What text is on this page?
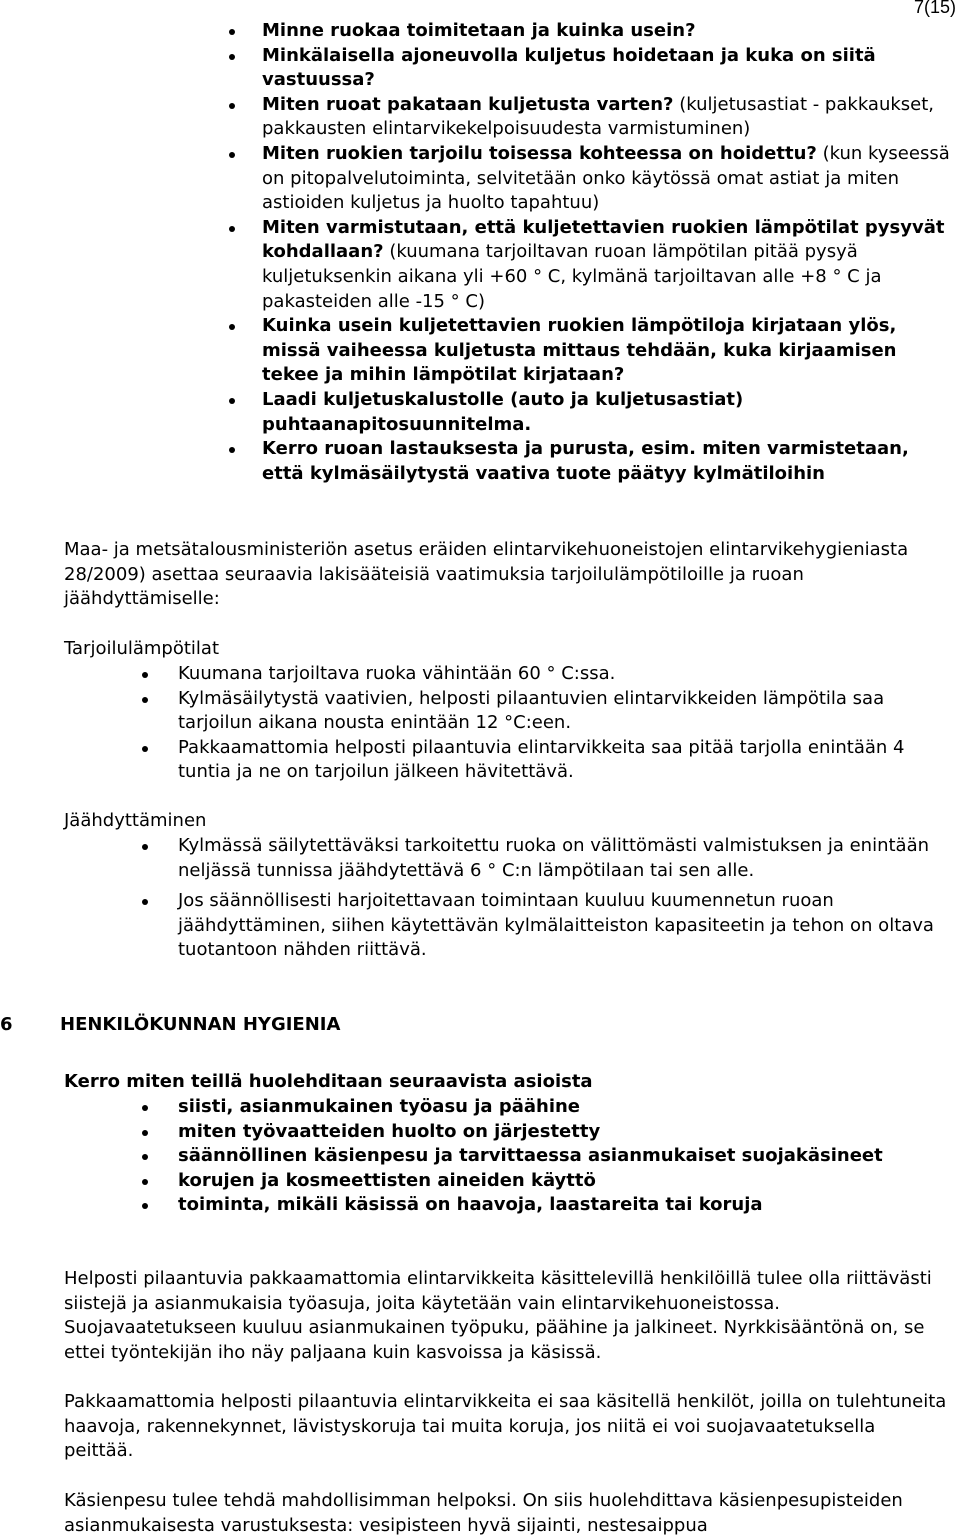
7(15)
Minne ruokaa toimitetaan ja kuinka usein?
Minkälaisella ajoneuvolla kuljetus hoidetaan ja kuka on siitä vastuussa?
Miten ruoat pakataan kuljetusta varten? (kuljetusastiat - pakkaukset, pakkausten elintarvikekelpoisuudesta varmistuminen)
Miten ruokien tarjoilu toisessa kohteessa on hoidettu? (kun kyseessä on pitopalvelutoiminta, selvitetään onko käytössä omat astiat ja miten astioiden kuljetus ja huolto tapahtuu)
Miten varmistutaan, että kuljetettavien ruokien lämpötilat pysyvät kohdallaan? (kuumana tarjoiltavan ruoan lämpötilan pitää pysyä kuljetuksenkin aikana yli +60 ° C, kylmänä tarjoiltavan alle +8 ° C ja pakasteiden alle -15 ° C)
Kuinka usein kuljetettavien ruokien lämpötiloja kirjataan ylös, missä vaiheessa kuljetusta mittaus tehdään, kuka kirjaamisen tekee ja mihin lämpötilat kirjataan?
Laadi kuljetuskalustolle (auto ja kuljetusastiat) puhtaanapitosuunnitelma.
Kerro ruoan lastauksesta ja purusta, esim. miten varmistetaan, että kylmäsäilytystä vaativa tuote päätyy kylmätiloihin

Maa- ja metsätalousministeriön asetus eräiden elintarvikehuoneistojen elintarvikehygieniasta 28/2009) asettaa seuraavia lakisääteisiä vaatimuksia tarjoilulämpötiloille ja ruoan jäähdyttämiselle:

Tarjoilulämpötilat

Kuumana tarjoiltava ruoka vähintään 60 ° C:ssa.
Kylmäsäilytystä vaativien, helposti pilaantuvien elintarvikkeiden lämpötila saa tarjoilun aikana nousta enintään 12 °C:een.
Pakkaamattomia helposti pilaantuvia elintarvikkeita saa pitää tarjolla enintään 4 tuntia ja ne on tarjoilun jälkeen hävitettävä.

Jäähdyttäminen

Kylmässä säilytettäväksi tarkoitettu ruoka on välittömästi valmistuksen ja enintään neljässä tunnissa jäähdytettävä 6 ° C:n lämpötilaan tai sen alle.
Jos säännöllisesti harjoitettavaan toimintaan kuuluu kuumennetun ruoan jäähdyttäminen, siihen käytettävän kylmälaitteiston kapasiteetin ja tehon on oltava tuotantoon nähden riittävä.
6	HENKILÖKUNNAN HYGIENIA

Kerro miten teillä huolehditaan seuraavista asioista

siisti, asianmukainen työasu ja päähine
miten työvaatteiden huolto on järjestetty
säännöllinen käsienpesu ja tarvittaessa asianmukaiset suojakäsineet
korujen ja kosmeettisten aineiden käyttö
toiminta, mikäli käsissä on haavoja, laastareita tai koruja

Helposti pilaantuvia pakkaamattomia elintarvikkeita käsittelevillä henkilöillä tulee olla riittävästi siistejä ja asianmukaisia työasuja, joita käytetään vain elintarvikehuoneistossa. Suojavaatetukseen kuuluu asianmukainen työpuku, päähine ja jalkineet. Nyrkkisääntönä on, se ettei työntekijän iho näy paljaana kuin kasvoissa ja käsissä.

Pakkaamattomia helposti pilaantuvia elintarvikkeita ei saa käsitellä henkilöt, joilla on tulehtuneita haavoja, rakennekynnet, lävistyskoruja tai muita koruja, jos niitä ei voi suojavaatetuksella peittää.

Käsienpesu tulee tehdä mahdollisimman helpoksi. On siis huolehdittava käsienpesupisteiden asianmukaisesta varustuksesta: vesipisteen hyvä sijainti, nestesaippua
